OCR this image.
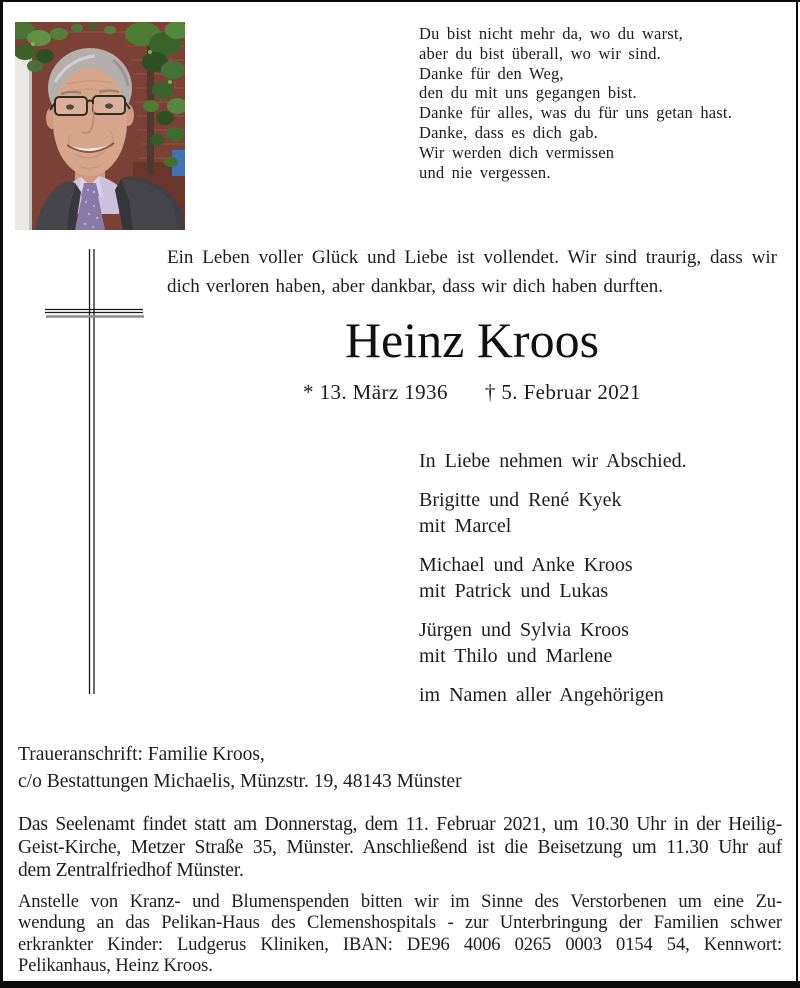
Du bist nicht mehr da, wo du warst,
aber du bist überall, wo wir sind.
Danke für den Weg,
den du mit uns gegangen bist.
Danke für alles, was du für uns getan hast.
Danke, dass es dich gab.
Wir werden dich vermissen
und nie vergessen.
Ein Leben voller Glück und Liebe ist vollendet. Wir sind traurig, dass wir
dich verloren haben, aber dankbar, dass wir dich haben durften.
Heinz Kroos
* 13. März 1936 † 5. Februar 2021
In Liebe nehmen wir Abschied.
Brigitte und René Kyek
mit Marcel
Michael und Anke Kroos
mit Patrick und Lukas
Jürgen und Sylvia Kroos
mit Thilo und Marlene
im Namen aller Angehörigen
Traueranschrift: Familie Kroos,
c/o Bestattungen Michaelis, Münzstr. 19, 48143 Münster
Das Seelenamt findet statt am Donnerstag, dem 11. Februar 2021, um 10.30 Uhr in der Heilig-
Geist-Kirche, Metzer Straße 35, Münster. Anschließend ist die Beisetzung um 11.30 Uhr auf
dem Zentralfriedhof Münster.
Anstelle von Kranz- und Blumenspenden bitten wir im Sinne des Verstorbenen um eine Zu-
wendung an das Pelikan-Haus des Clemenshospitals - zur Unterbringung der Familien schwer
erkrankter Kinder: Ludgerus Kliniken, IBAN: DE96 4006 0265 0003 0154 54, Kennwort:
Pelikanhaus, Heinz Kroos.
